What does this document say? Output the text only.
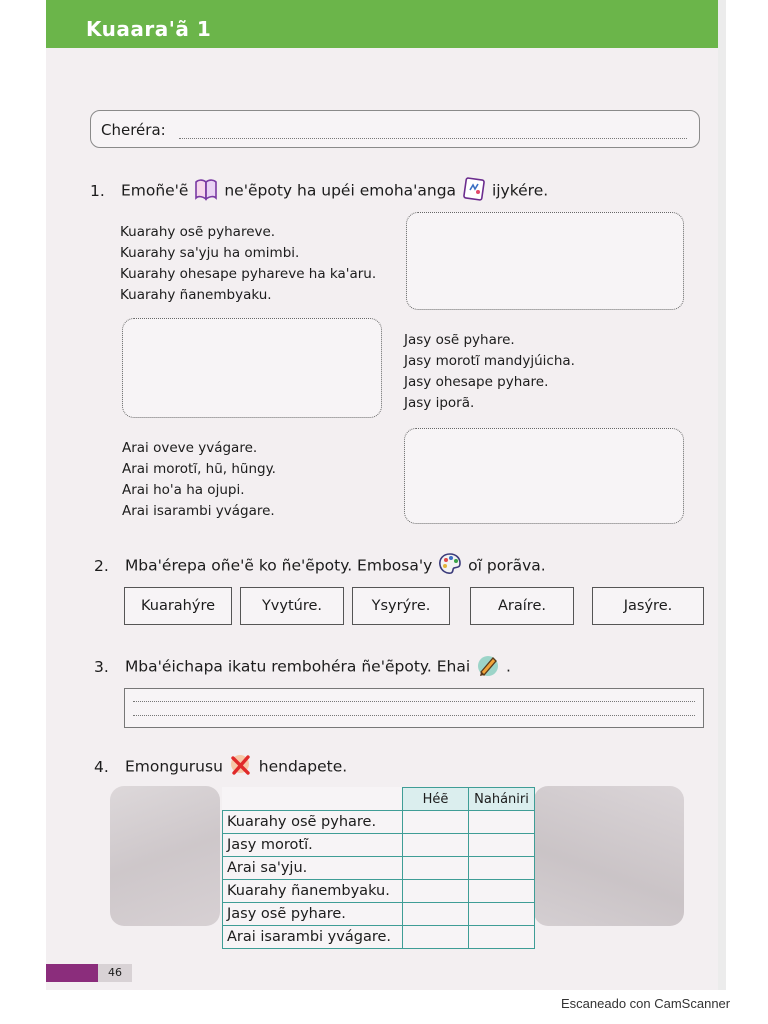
Kuaara'ã 1
Cheréra:
1. Emoñe'ẽ ne'ẽpoty ha upéi emoha'anga ijykére.
Kuarahy osẽ pyhareve.
Kuarahy sa'yju ha omimbi.
Kuarahy ohesape pyhareve ha ka'aru.
Kuarahy ñanembyaku.
Jasy osẽ pyhare.
Jasy morotĩ mandyjúicha.
Jasy ohesape pyhare.
Jasy iporã.
Arai oveve yvágare.
Arai morotĩ, hũ, hũngy.
Arai ho'a ha ojupi.
Arai isarambi yvágare.
2. Mba'érepa oñe'ẽ ko ñe'ẽpoty. Embosa'y oĩ porãva.
Kuarahýre	Yvytúre.	Ysyrýre.	Araíre.	Jasýre.
3. Mba'éichapa ikatu rembohéra ñe'ẽpoty. Ehai .
4. Emongurusu hendapete.
	Héẽ	Nahániri
Kuarahy osẽ pyhare.		
Jasy morotĩ.		
Arai sa'yju.		
Kuarahy ñanembyaku.		
Jasy osẽ pyhare.		
Arai isarambi yvágare.		
46
Escaneado con CamScanner
